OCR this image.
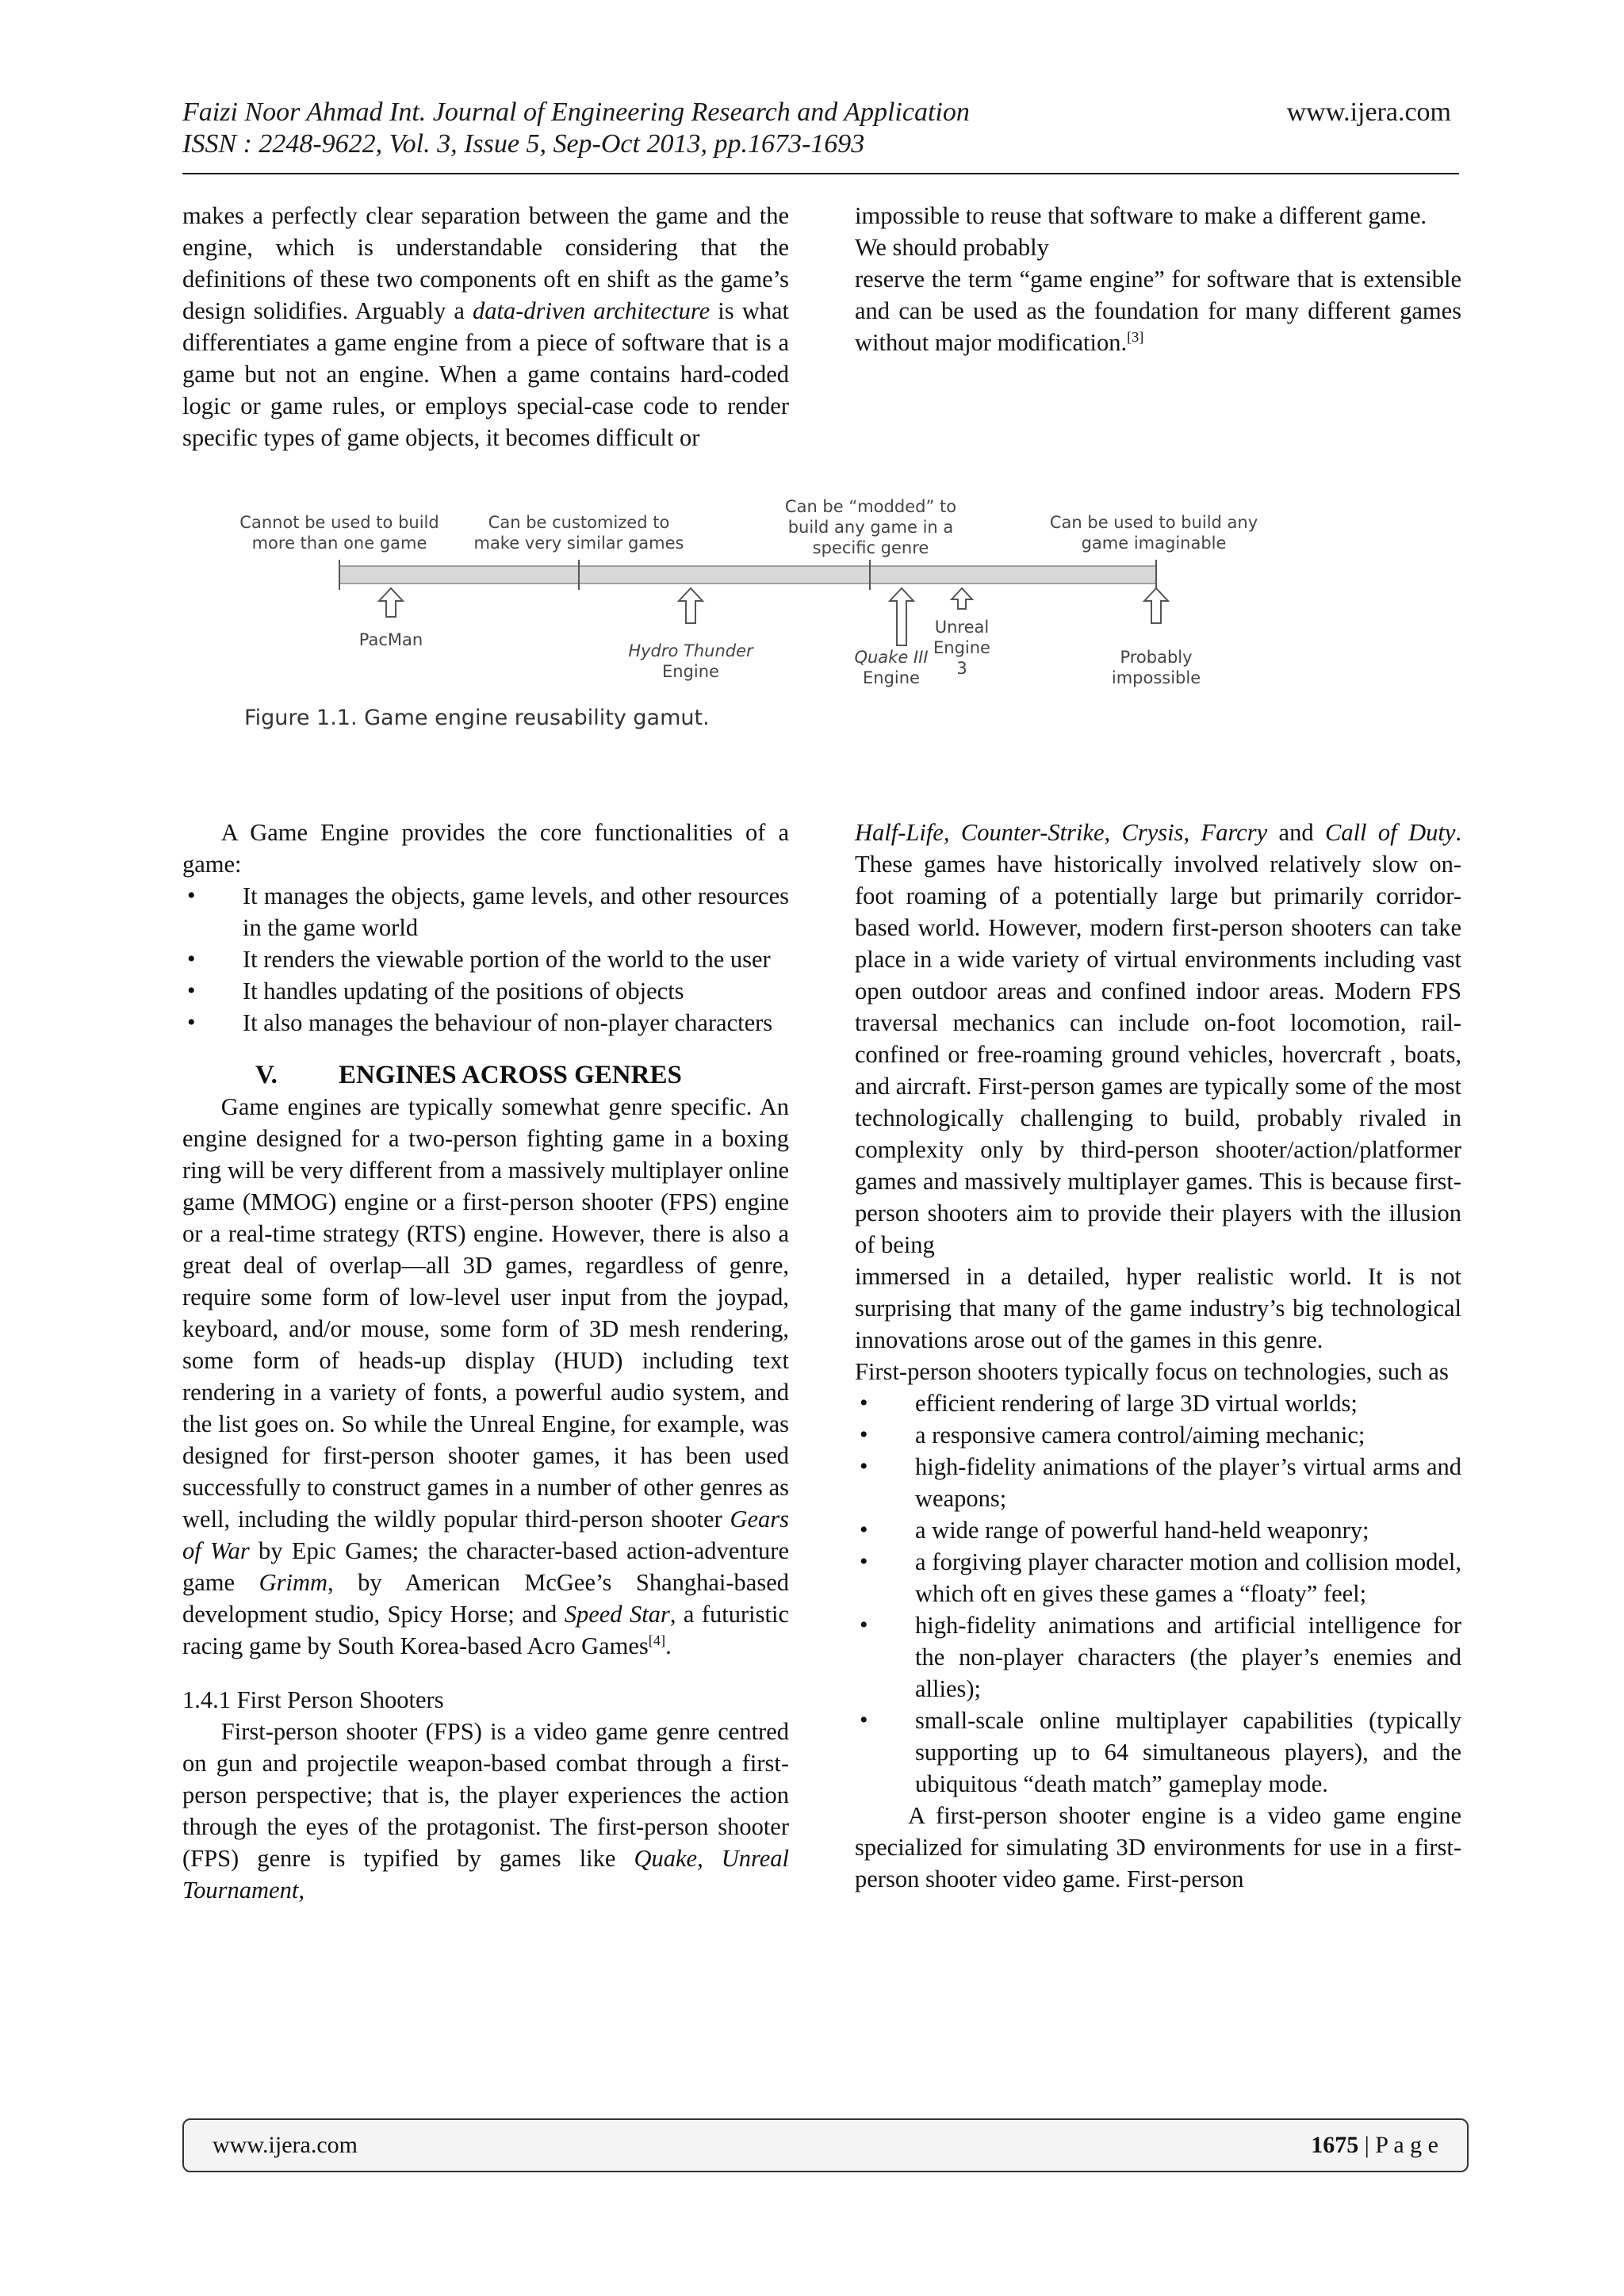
Faizi Noor Ahmad Int. Journal of Engineering Research and Application	www.ijera.com
ISSN : 2248-9622, Vol. 3, Issue 5, Sep-Oct 2013, pp.1673-1693

makes a perfectly clear separation between the game and the engine, which is understandable considering that the definitions of these two components oft en shift as the game’s design solidifies. Arguably a data-driven architecture is what differentiates a game engine from a piece of software that is a game but not an engine. When a game contains hard-coded logic or game rules, or employs special-case code to render specific types of game objects, it becomes difficult or

impossible to reuse that software to make a different game. We should probably

reserve the term “game engine” for software that is extensible and can be used as the foundation for many different games without major modification.[3]

Cannot be used to build
more than one game
Can be customized to
make very similar games
Can be “modded” to
build any game in a
specific genre
Can be used to build any
game imaginable
PacMan
Hydro Thunder
Engine
Quake III
Engine
Unreal
Engine
3
Probably
impossible
Figure 1.1. Game engine reusability gamut.

A Game Engine provides the core functionalities of a game:

• It manages the objects, game levels, and other resources in the game world
• It renders the viewable portion of the world to the user
• It handles updating of the positions of objects
• It also manages the behaviour of non-player characters
V. ENGINES ACROSS GENRES

Game engines are typically somewhat genre specific. An engine designed for a two-person fighting game in a boxing ring will be very different from a massively multiplayer online game (MMOG) engine or a first-person shooter (FPS) engine or a real-time strategy (RTS) engine. However, there is also a great deal of overlap—all 3D games, regardless of genre, require some form of low-level user input from the joypad, keyboard, and/or mouse, some form of 3D mesh rendering, some form of heads-up display (HUD) including text rendering in a variety of fonts, a powerful audio system, and the list goes on. So while the Unreal Engine, for example, was designed for first-person shooter games, it has been used successfully to construct games in a number of other genres as well, including the wildly popular third-person shooter Gears of War by Epic Games; the character-based action-adventure game Grimm, by American McGee’s Shanghai-based development studio, Spicy Horse; and Speed Star, a futuristic racing game by South Korea-based Acro Games[4].

1.4.1 First Person Shooters

First-person shooter (FPS) is a video game genre centred on gun and projectile weapon-based combat through a first-person perspective; that is, the player experiences the action through the eyes of the protagonist. The first-person shooter (FPS) genre is typified by games like Quake, Unreal Tournament,

Half-Life, Counter-Strike, Crysis, Farcry and Call of Duty. These games have historically involved relatively slow on-foot roaming of a potentially large but primarily corridor-based world. However, modern first-person shooters can take place in a wide variety of virtual environments including vast open outdoor areas and confined indoor areas. Modern FPS traversal mechanics can include on-foot locomotion, rail-confined or free-roaming ground vehicles, hovercraft , boats, and aircraft. First-person games are typically some of the most technologically challenging to build, probably rivaled in complexity only by third-person shooter/action/platformer games and massively multiplayer games. This is because first-person shooters aim to provide their players with the illusion of being

immersed in a detailed, hyper realistic world. It is not surprising that many of the game industry’s big technological innovations arose out of the games in this genre.

First-person shooters typically focus on technologies, such as

• efficient rendering of large 3D virtual worlds;
• a responsive camera control/aiming mechanic;
• high-fidelity animations of the player’s virtual arms and weapons;
• a wide range of powerful hand-held weaponry;
• a forgiving player character motion and collision model, which oft en gives these games a “floaty” feel;
• high-fidelity animations and artificial intelligence for the non-player characters (the player’s enemies and allies);
• small-scale online multiplayer capabilities (typically supporting up to 64 simultaneous players), and the ubiquitous “death match” gameplay mode.

A first-person shooter engine is a video game engine specialized for simulating 3D environments for use in a first-person shooter video game. First-person

www.ijera.com	1675 | P a g e
